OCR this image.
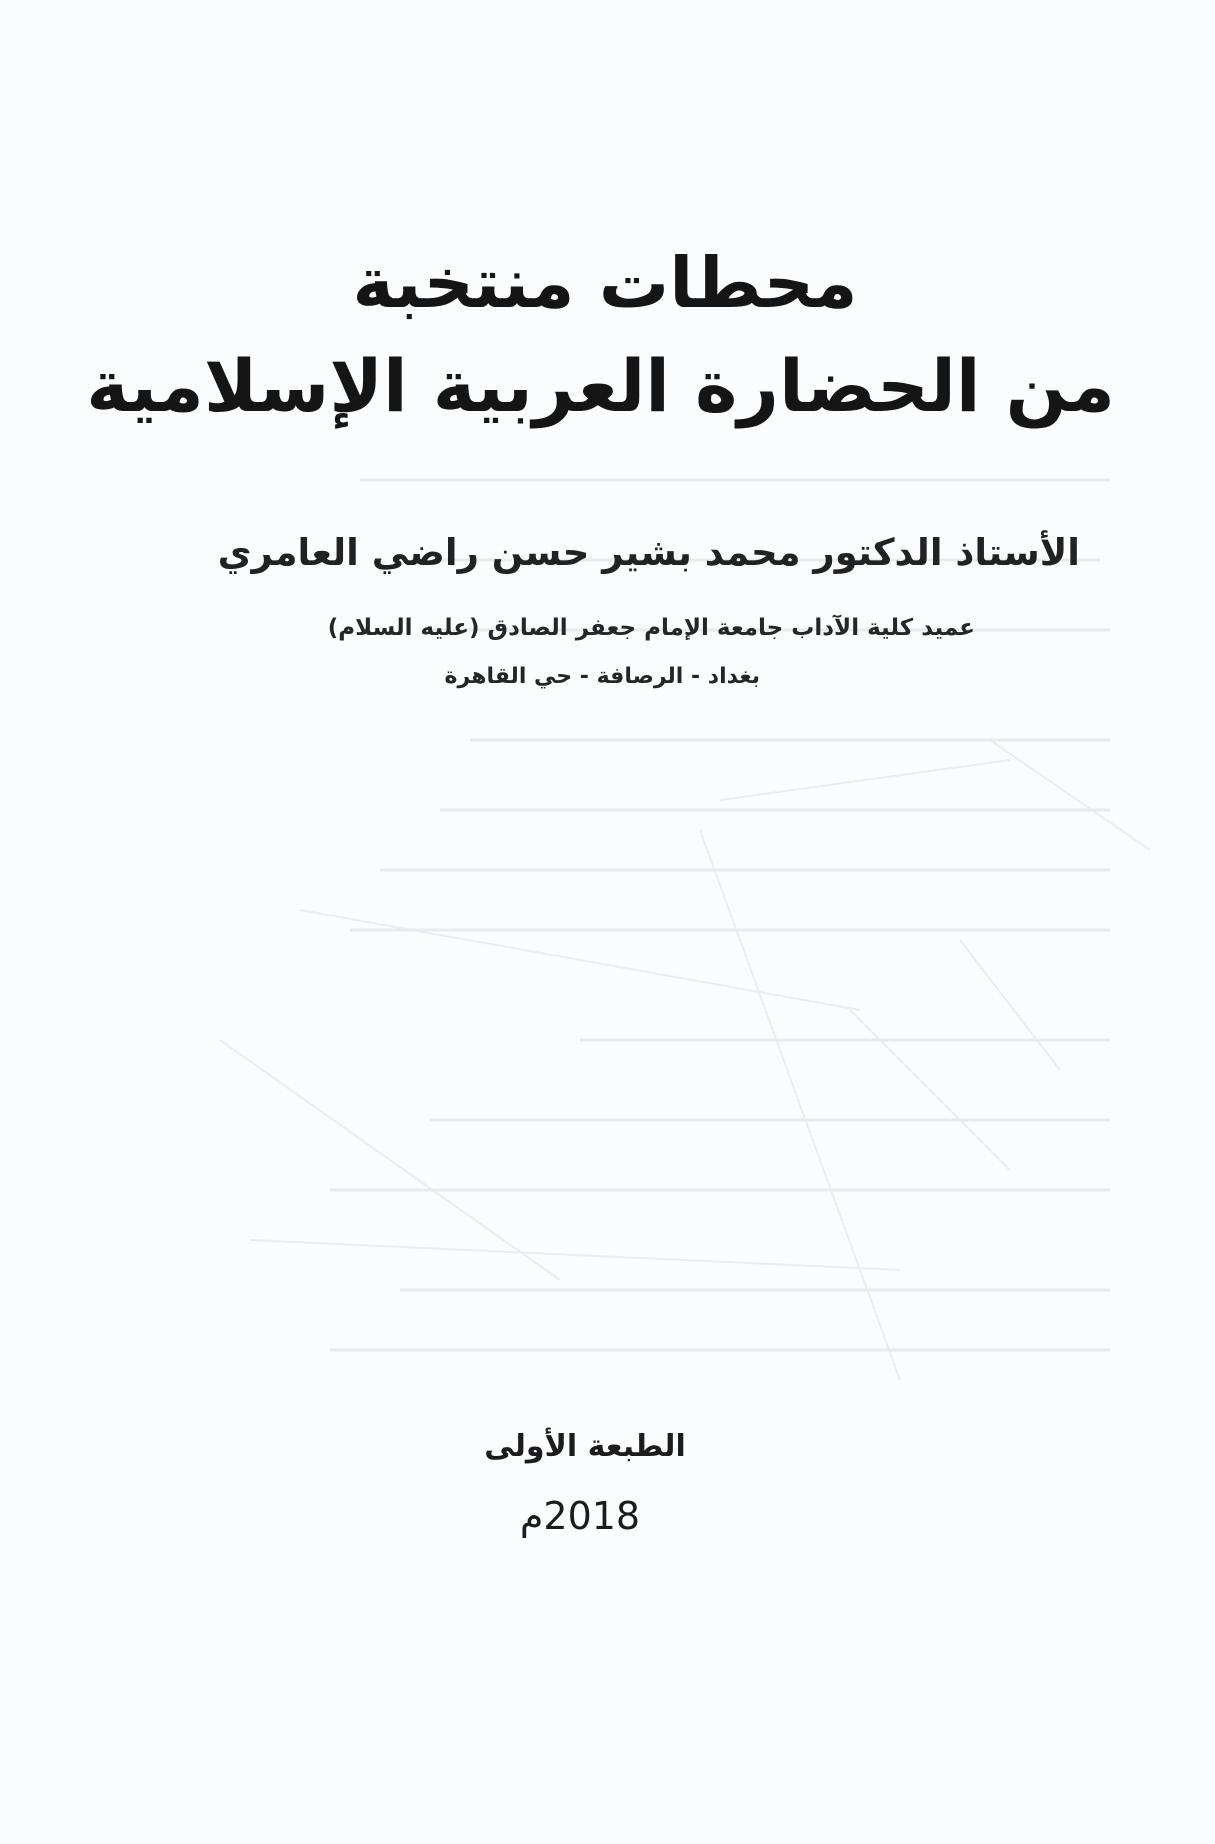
محطات منتخبة
من الحضارة العربية الإسلامية
الأستاذ الدكتور محمد بشير حسن راضي العامري
عميد كلية الآداب جامعة الإمام جعفر الصادق (عليه السلام)
بغداد - الرصافة - حي القاهرة
الطبعة الأولى
2018م
